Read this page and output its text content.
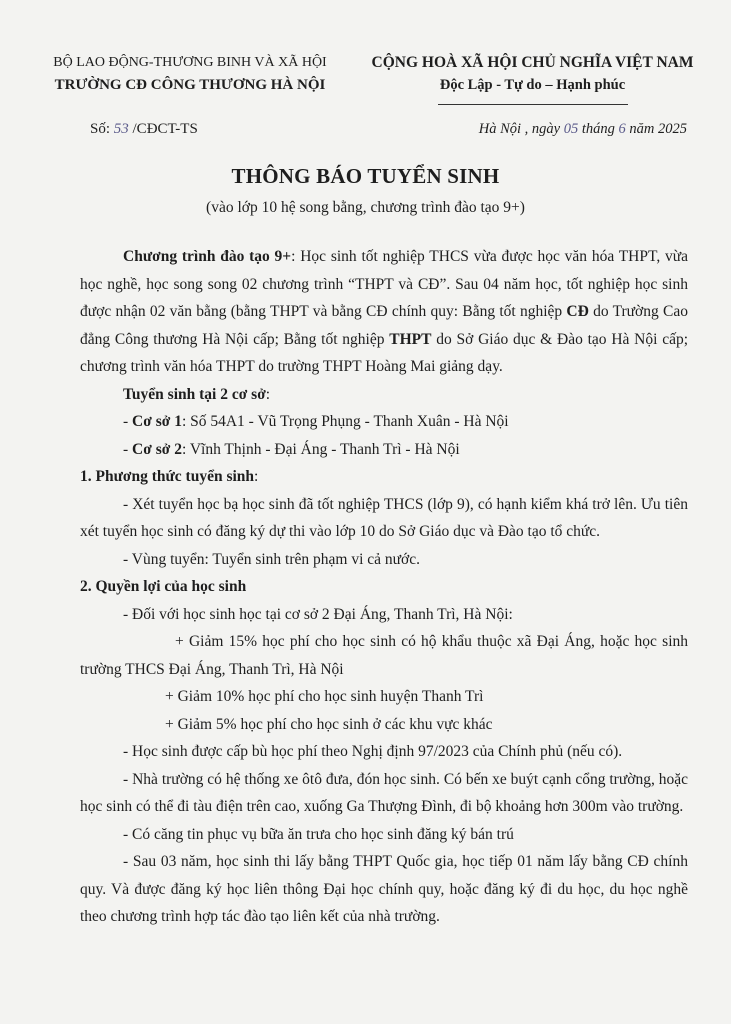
BỘ LAO ĐỘNG-THƯƠNG BINH VÀ XÃ HỘI
TRƯỜNG CĐ CÔNG THƯƠNG HÀ NỘI
CỘNG HOÀ XÃ HỘI CHỦ NGHĨA VIỆT NAM
Độc Lập - Tự do – Hạnh phúc
Số: 53 /CĐCT-TS	Hà Nội , ngày 05 tháng 6 năm 2025
THÔNG BÁO TUYỂN SINH
(vào lớp 10 hệ song bằng, chương trình đào tạo 9+)

Chương trình đào tạo 9+: Học sinh tốt nghiệp THCS vừa được học văn hóa THPT, vừa học nghề, học song song 02 chương trình “THPT và CĐ”. Sau 04 năm học, tốt nghiệp học sinh được nhận 02 văn bằng (bằng THPT và bằng CĐ chính quy: Bằng tốt nghiệp CĐ do Trường Cao đẳng Công thương Hà Nội cấp; Bằng tốt nghiệp THPT do Sở Giáo dục & Đào tạo Hà Nội cấp; chương trình văn hóa THPT do trường THPT Hoàng Mai giảng dạy.

Tuyển sinh tại 2 cơ sở:

- Cơ sở 1: Số 54A1 - Vũ Trọng Phụng - Thanh Xuân - Hà Nội

- Cơ sở 2: Vĩnh Thịnh - Đại Áng - Thanh Trì - Hà Nội

1. Phương thức tuyển sinh:

- Xét tuyển học bạ học sinh đã tốt nghiệp THCS (lớp 9), có hạnh kiểm khá trở lên. Ưu tiên xét tuyển học sinh có đăng ký dự thi vào lớp 10 do Sở Giáo dục và Đào tạo tổ chức.

- Vùng tuyển: Tuyển sinh trên phạm vi cả nước.

2. Quyền lợi của học sinh

- Đối với học sinh học tại cơ sở 2 Đại Áng, Thanh Trì, Hà Nội:

+ Giảm 15% học phí cho học sinh có hộ khẩu thuộc xã Đại Áng, hoặc học sinh trường THCS Đại Áng, Thanh Trì, Hà Nội

+ Giảm 10% học phí cho học sinh huyện Thanh Trì

+ Giảm 5% học phí cho học sinh ở các khu vực khác

- Học sinh được cấp bù học phí theo Nghị định 97/2023 của Chính phủ (nếu có).

- Nhà trường có hệ thống xe ôtô đưa, đón học sinh. Có bến xe buýt cạnh cổng trường, hoặc học sinh có thể đi tàu điện trên cao, xuống Ga Thượng Đình, đi bộ khoảng hơn 300m vào trường.

- Có căng tin phục vụ bữa ăn trưa cho học sinh đăng ký bán trú

- Sau 03 năm, học sinh thi lấy bằng THPT Quốc gia, học tiếp 01 năm lấy bằng CĐ chính quy. Và được đăng ký học liên thông Đại học chính quy, hoặc đăng ký đi du học, du học nghề theo chương trình hợp tác đào tạo liên kết của nhà trường.
